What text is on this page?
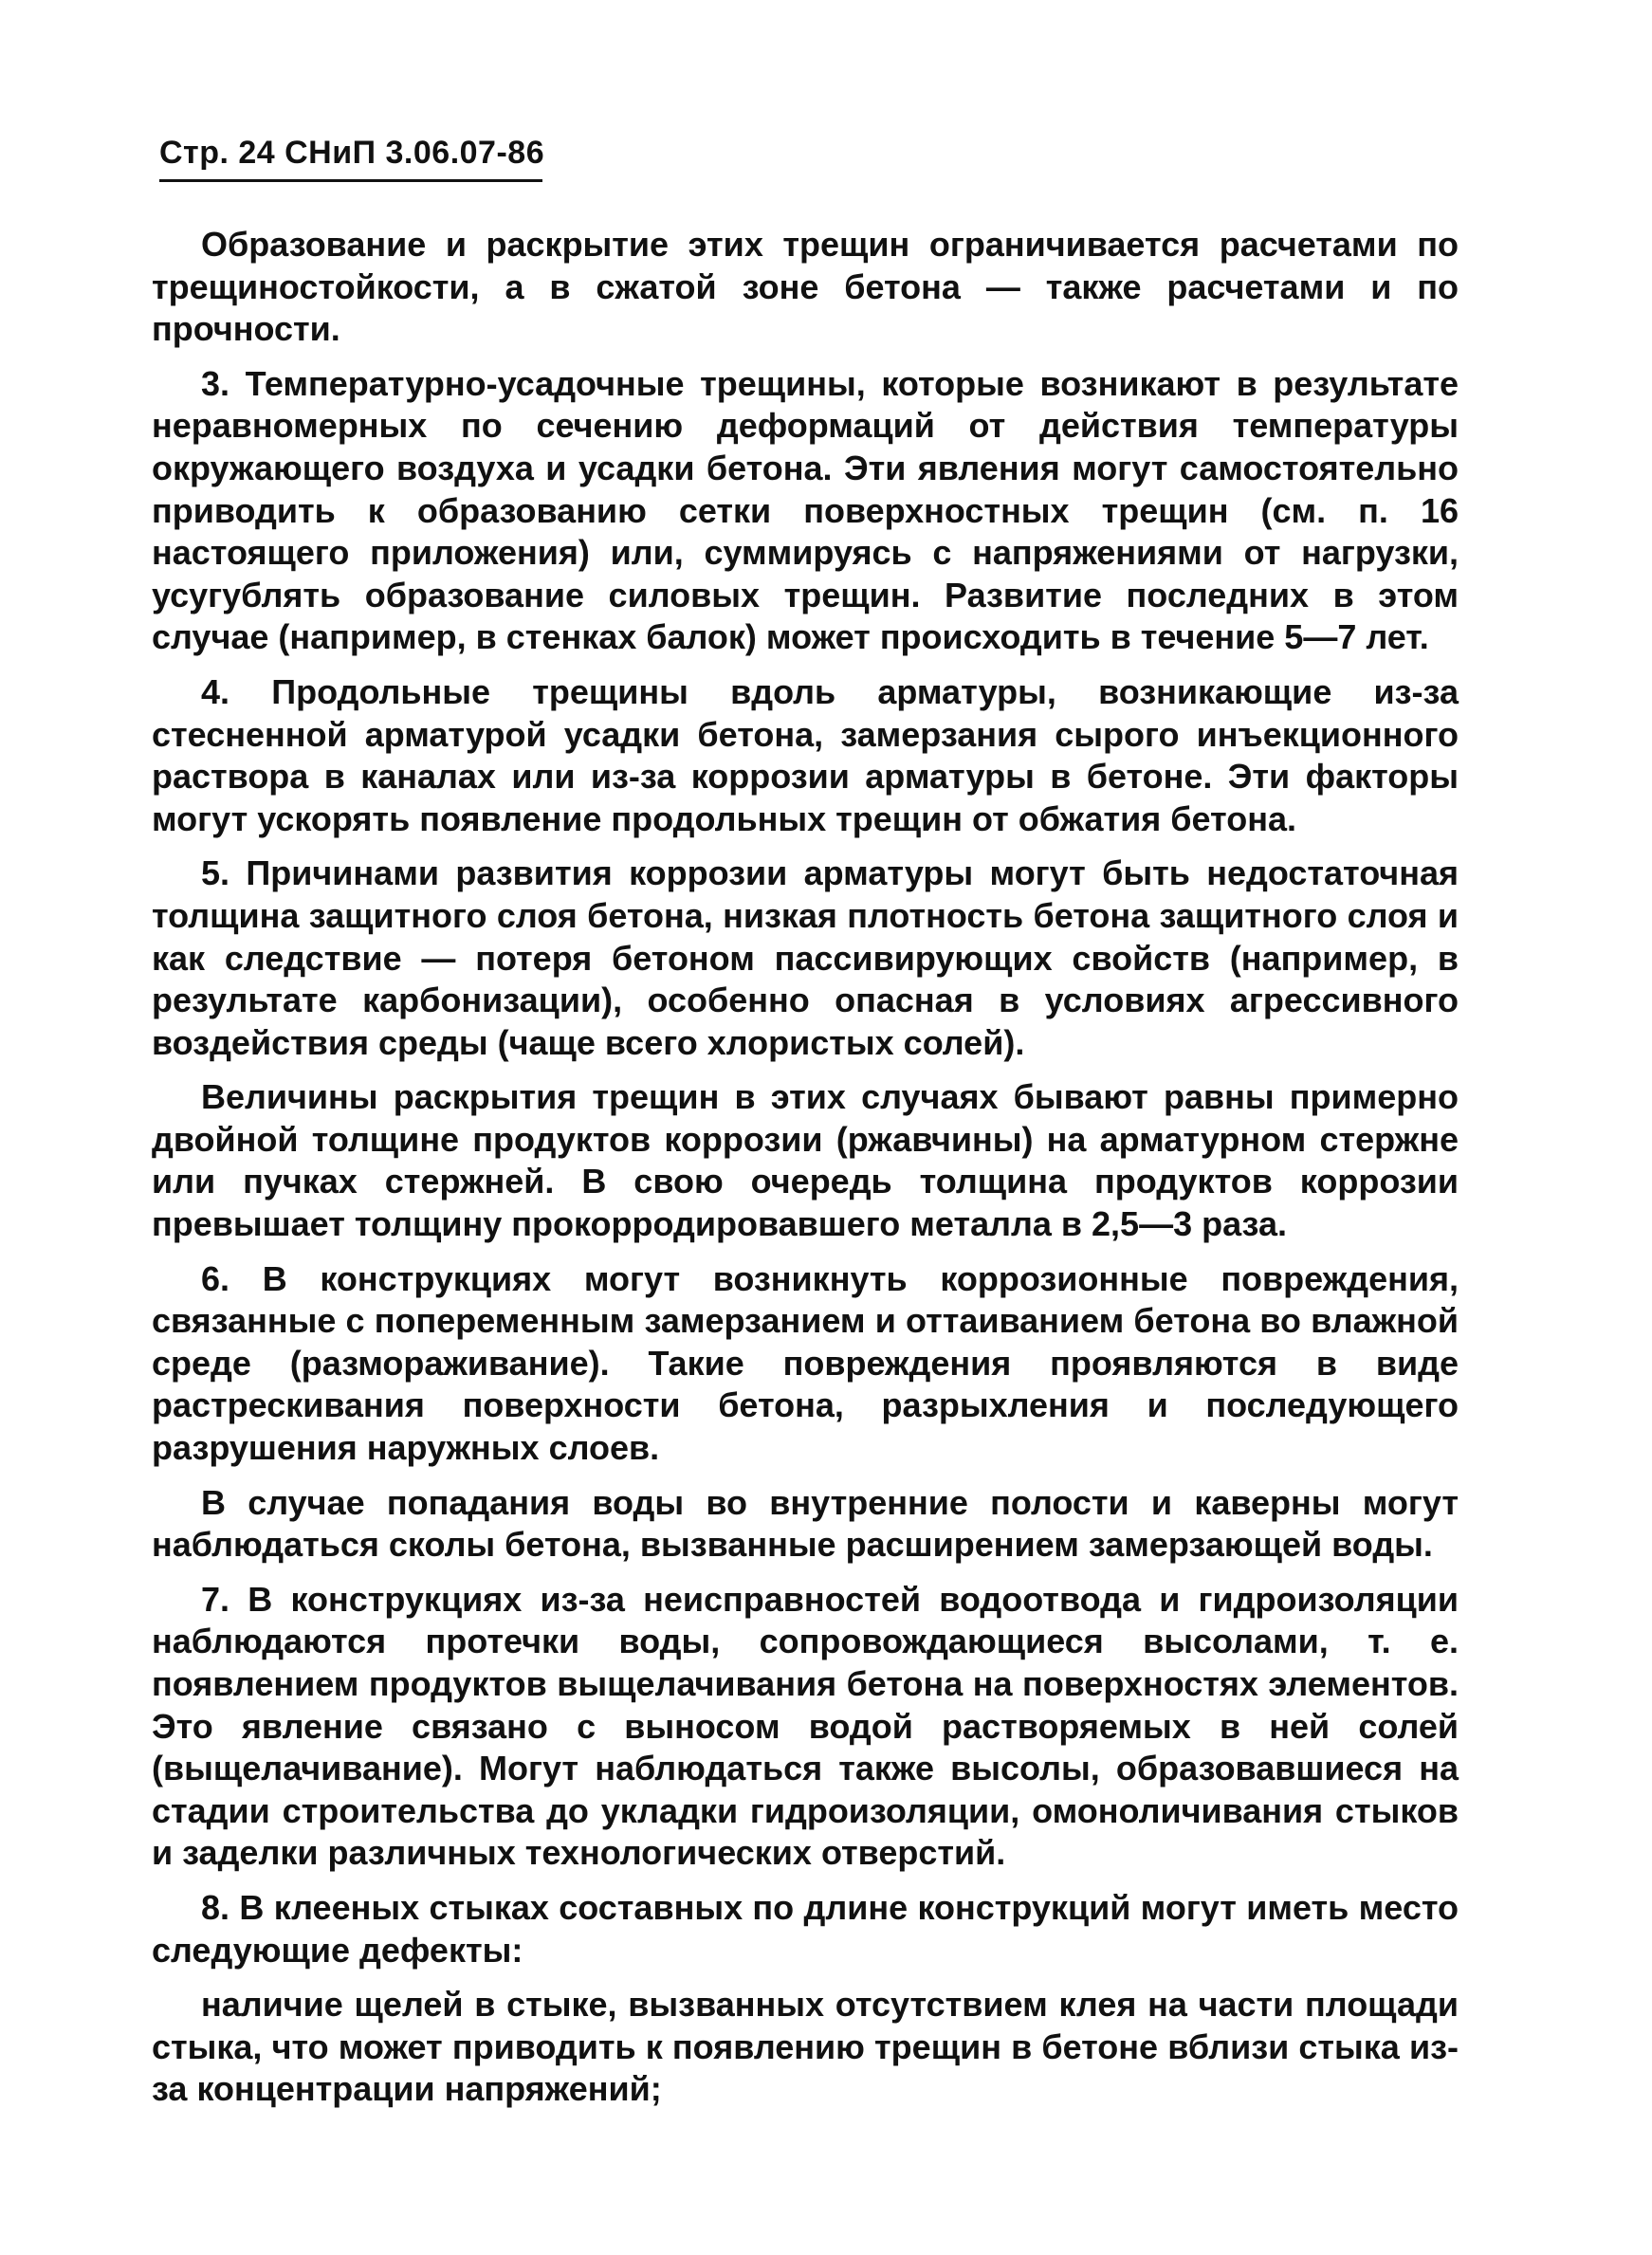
Стр. 24 СНиП 3.06.07-86

Образование и раскрытие этих трещин ограничивается расчетами по трещиностойкости, а в сжатой зоне бетона — также расчетами и по прочности.

3. Температурно-усадочные трещины, которые возникают в результате неравномерных по сечению деформаций от действия температуры окружающего воздуха и усадки бетона. Эти явления могут самостоятельно приводить к образованию сетки поверхностных трещин (см. п. 16 настоящего приложения) или, суммируясь с напряжениями от нагрузки, усугублять образование силовых трещин. Развитие последних в этом случае (например, в стенках балок) может происходить в течение 5—7 лет.

4. Продольные трещины вдоль арматуры, возникающие из-за стесненной арматурой усадки бетона, замерзания сырого инъекционного раствора в каналах или из-за коррозии арматуры в бетоне. Эти факторы могут ускорять появление продольных трещин от обжатия бетона.

5. Причинами развития коррозии арматуры могут быть недостаточная толщина защитного слоя бетона, низкая плотность бетона защитного слоя и как следствие — потеря бетоном пассивирующих свойств (например, в результате карбонизации), особенно опасная в условиях агрессивного воздействия среды (чаще всего хлористых солей).

Величины раскрытия трещин в этих случаях бывают равны примерно двойной толщине продуктов коррозии (ржавчины) на арматурном стержне или пучках стержней. В свою очередь толщина продуктов коррозии превышает толщину прокорродировавшего металла в 2,5—3 раза.

6. В конструкциях могут возникнуть коррозионные повреждения, связанные с попеременным замерзанием и оттаиванием бетона во влажной среде (размораживание). Такие повреждения проявляются в виде растрескивания поверхности бетона, разрыхления и последующего разрушения наружных слоев.

В случае попадания воды во внутренние полости и каверны могут наблюдаться сколы бетона, вызванные расширением замерзающей воды.

7. В конструкциях из-за неисправностей водоотвода и гидроизоляции наблюдаются протечки воды, сопровождающиеся высолами, т. е. появлением продуктов выщелачивания бетона на поверхностях элементов. Это явление связано с выносом водой растворяемых в ней солей (выщелачивание). Могут наблюдаться также высолы, образовавшиеся на стадии строительства до укладки гидроизоляции, омоноличивания стыков и заделки различных технологических отверстий.

8. В клееных стыках составных по длине конструкций могут иметь место следующие дефекты:

наличие щелей в стыке, вызванных отсутствием клея на части площади стыка, что может приводить к появлению трещин в бетоне вблизи стыка из-за концентрации напряжений;
